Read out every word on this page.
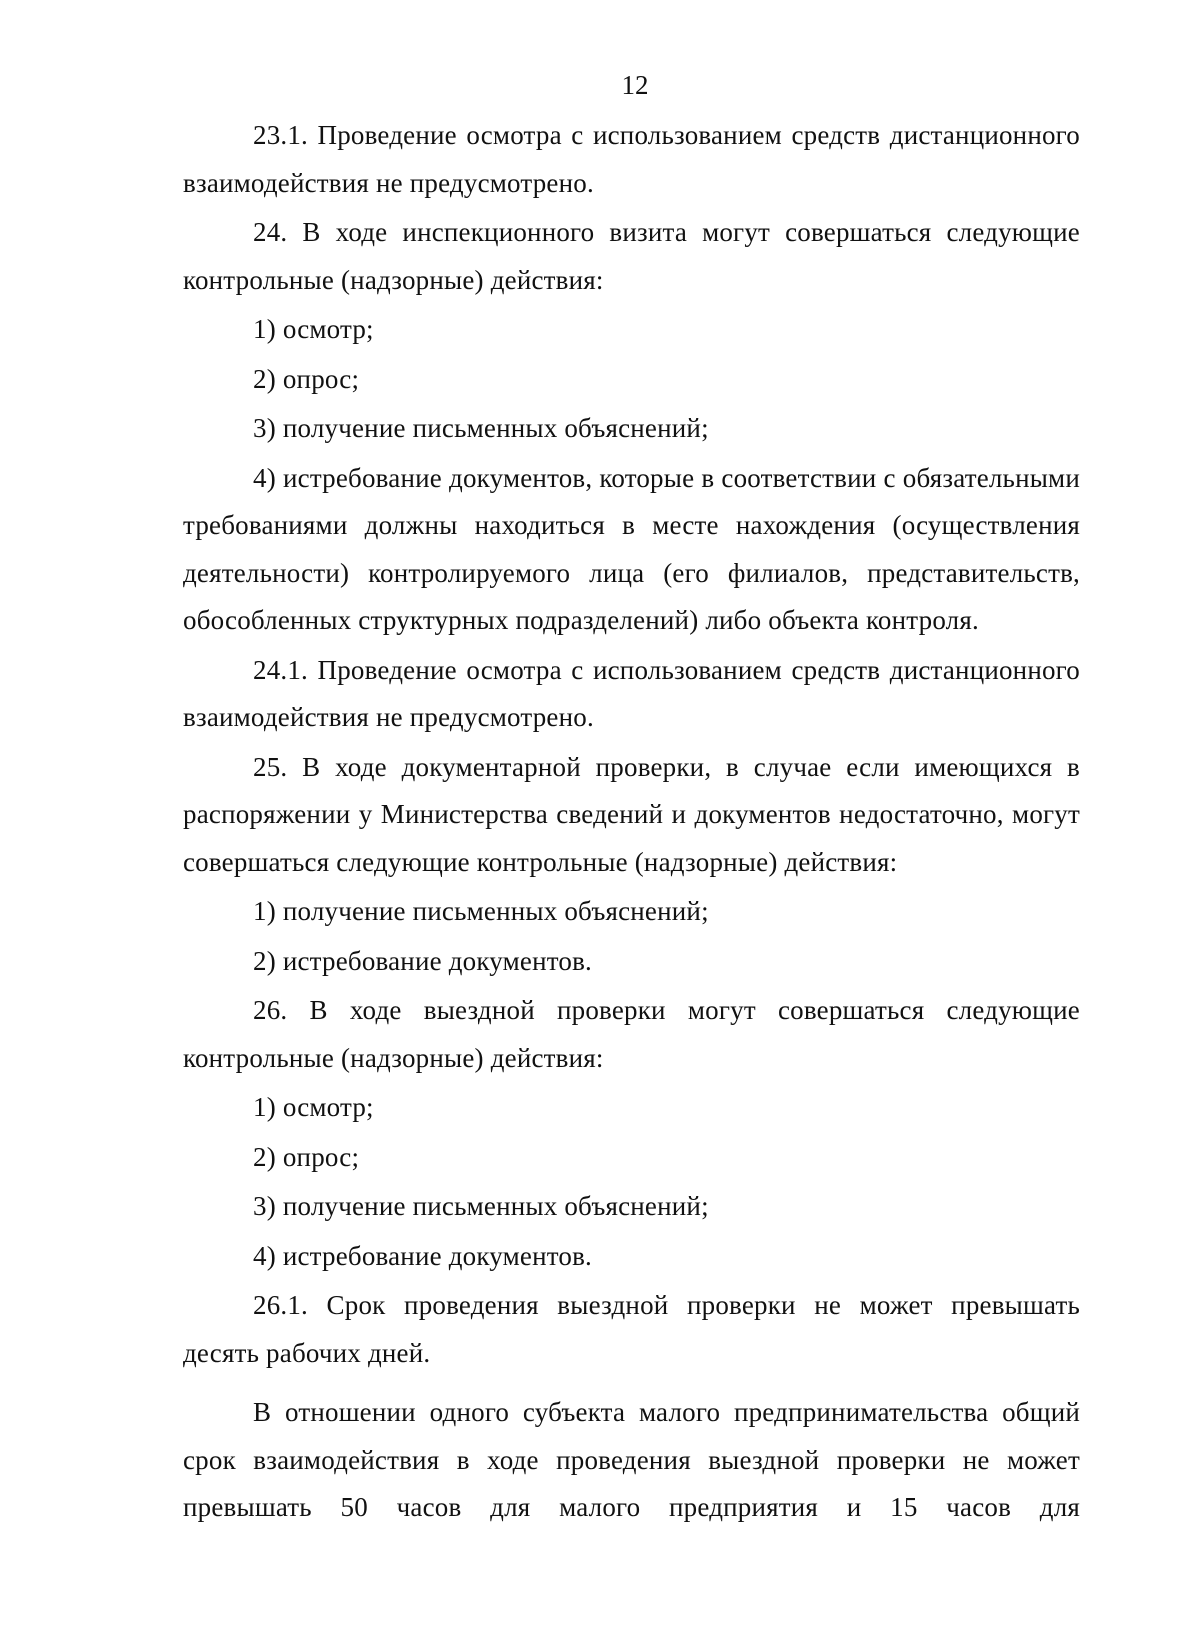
12

23.1. Проведение осмотра с использованием средств дистанционного взаимодействия не предусмотрено.

24. В ходе инспекционного визита могут совершаться следующие контрольные (надзорные) действия:

1) осмотр;

2) опрос;

3) получение письменных объяснений;

4) истребование документов, которые в соответствии с обязательными требованиями должны находиться в месте нахождения (осуществления деятельности) контролируемого лица (его филиалов, представительств, обособленных структурных подразделений) либо объекта контроля.

24.1. Проведение осмотра с использованием средств дистанционного взаимодействия не предусмотрено.

25. В ходе документарной проверки, в случае если имеющихся в распоряжении у Министерства сведений и документов недостаточно, могут совершаться следующие контрольные (надзорные) действия:

1) получение письменных объяснений;

2) истребование документов.

26. В ходе выездной проверки могут совершаться следующие контрольные (надзорные) действия:

1) осмотр;

2) опрос;

3) получение письменных объяснений;

4) истребование документов.

26.1. Срок проведения выездной проверки не может превышать десять рабочих дней.

В отношении одного субъекта малого предпринимательства общий срок взаимодействия в ходе проведения выездной проверки не может превышать 50 часов для малого предприятия и 15 часов для
